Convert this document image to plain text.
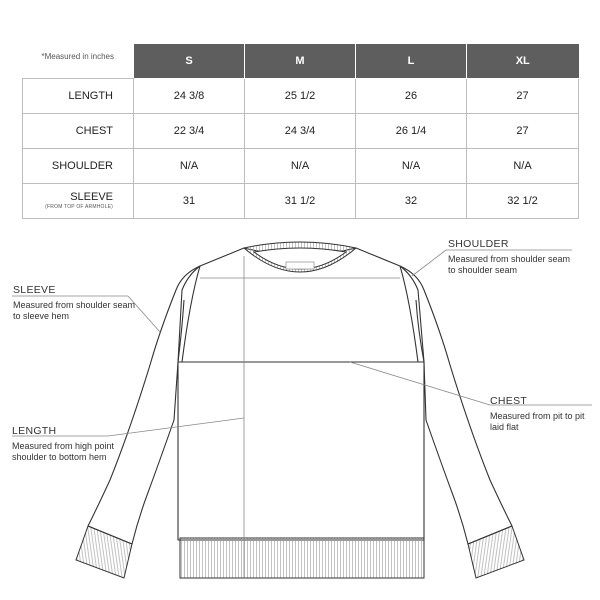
*Measured in inches	S	M	L	XL
LENGTH	24 3/8	25 1/2	26	27
CHEST	22 3/4	24 3/4	26 1/4	27
SHOULDER	N/A	N/A	N/A	N/A
SLEEVE
(FROM TOP OF ARMHOLE)	31	31 1/2	32	32 1/2
SHOULDER
Measured from shoulder seam
to shoulder seam
SLEEVE
Measured from shoulder seam
to sleeve hem
CHEST
Measured from pit to pit
laid flat
LENGTH
Measured from high point
shoulder to bottom hem
